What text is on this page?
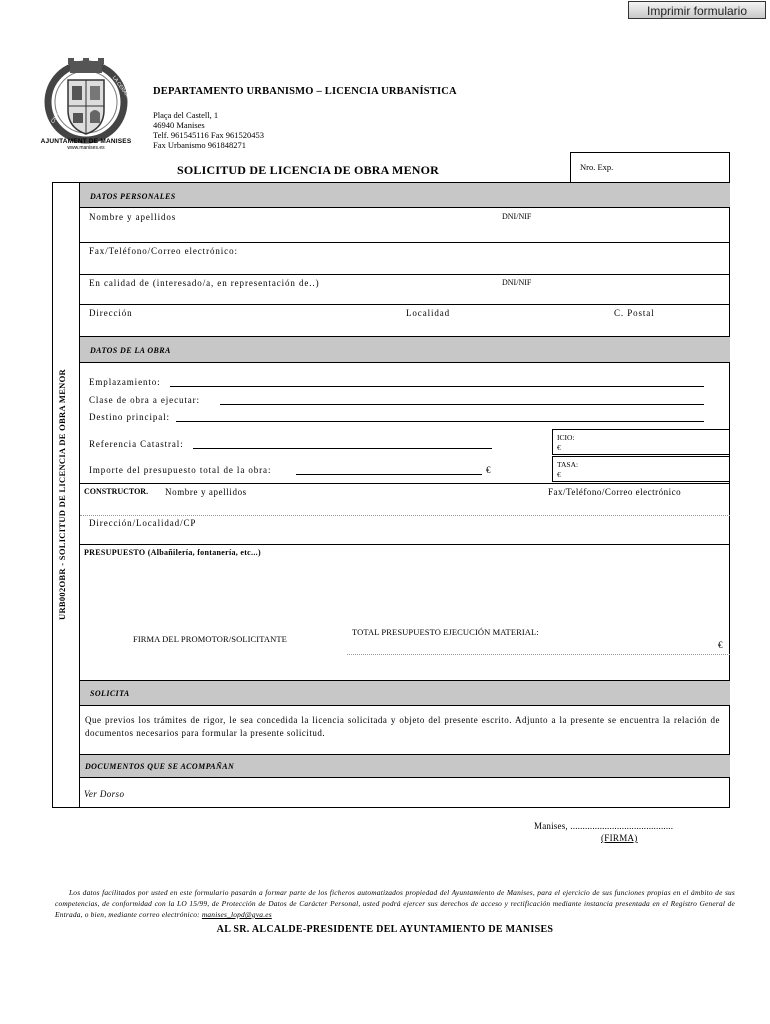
Imprimir formulario
CIUTAT
LA CERÀMICA
AJUNTAMENT DE MANISES
www.manises.es
DEPARTAMENTO URBANISMO – LICENCIA URBANÍSTICA
Plaça del Castell, 1
46940 Manises
Telf. 961545116 Fax 961520453
Fax Urbanismo 961848271
SOLICITUD DE LICENCIA DE OBRA MENOR	Nro. Exp.
URB002OBR - SOLICITUD DE LICENCIA DE OBRA MENOR
DATOS PERSONALES
Nombre y apellidos	DNI/NIF
Fax/Teléfono/Correo electrónico:
En calidad de (interesado/a, en representación de..)	DNI/NIF
Dirección	Localidad	C. Postal
DATOS DE LA OBRA
Emplazamiento:
Clase de obra a ejecutar:
Destino principal:
Referencia Catastral:
Importe del presupuesto total de la obra:	€
ICIO:
€
TASA:
€
CONSTRUCTOR. Nombre y apellidos	Fax/Teléfono/Correo electrónico
Dirección/Localidad/CP
PRESUPUESTO (Albañilería, fontanería, etc...)
FIRMA DEL PROMOTOR/SOLICITANTE
TOTAL PRESUPUESTO EJECUCIÓN MATERIAL:
€
SOLICITA
Que previos los trámites de rigor, le sea concedida la licencia solicitada y objeto del presente escrito. Adjunto a la presente se encuentra la relación de documentos necesarios para formular la presente solicitud.
DOCUMENTOS QUE SE ACOMPAÑAN
Ver Dorso
Manises, ..........................................
(FIRMA)
Los datos facilitados por usted en este formulario pasarán a formar parte de los ficheros automatizados propiedad del Ayuntamiento de Manises, para el ejercicio de sus funciones propias en el ámbito de sus competencias, de conformidad con la LO 15/99, de Protección de Datos de Carácter Personal, usted podrá ejercer sus derechos de acceso y rectificación mediante instancia presentada en el Registro General de Entrada, o bien, mediante correo electrónico: manises_lopd@gva.es
AL SR. ALCALDE-PRESIDENTE DEL AYUNTAMIENTO DE MANISES
